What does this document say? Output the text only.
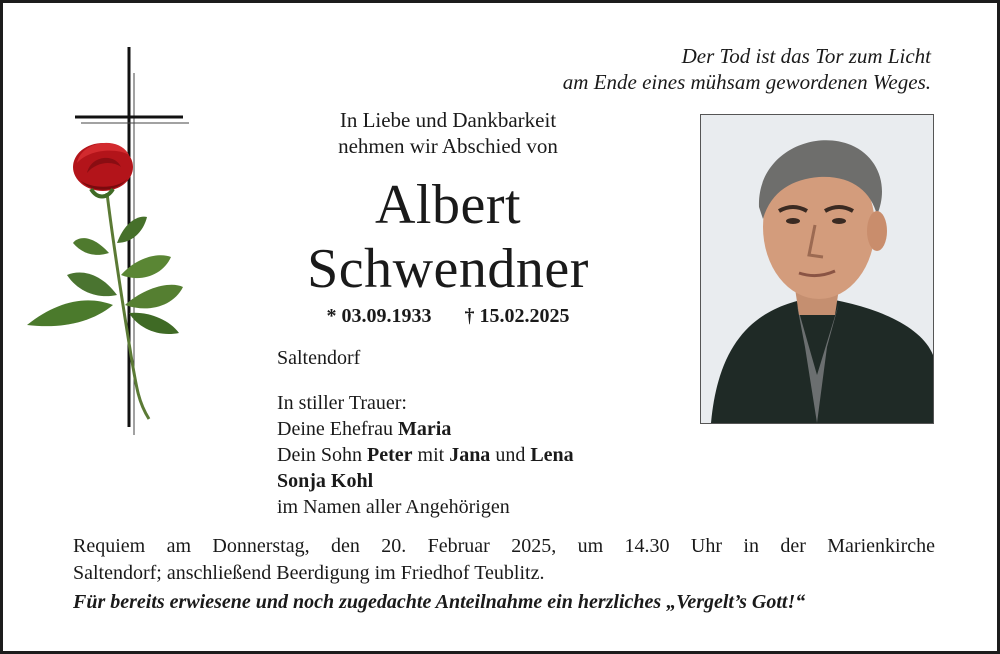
Der Tod ist das Tor zum Licht
am Ende eines mühsam gewordenen Weges.
In Liebe und Dankbarkeit
nehmen wir Abschied von
Albert
Schwendner
* 03.09.1933 † 15.02.2025
Saltendorf
In stiller Trauer:
Deine Ehefrau Maria
Dein Sohn Peter mit Jana und Lena
Sonja Kohl
im Namen aller Angehörigen
Requiem am Donnerstag, den 20. Februar 2025, um 14.30 Uhr in der Marienkirche
Saltendorf; anschließend Beerdigung im Friedhof Teublitz.
Für bereits erwiesene und noch zugedachte Anteilnahme ein herzliches „Vergelt’s Gott!“
